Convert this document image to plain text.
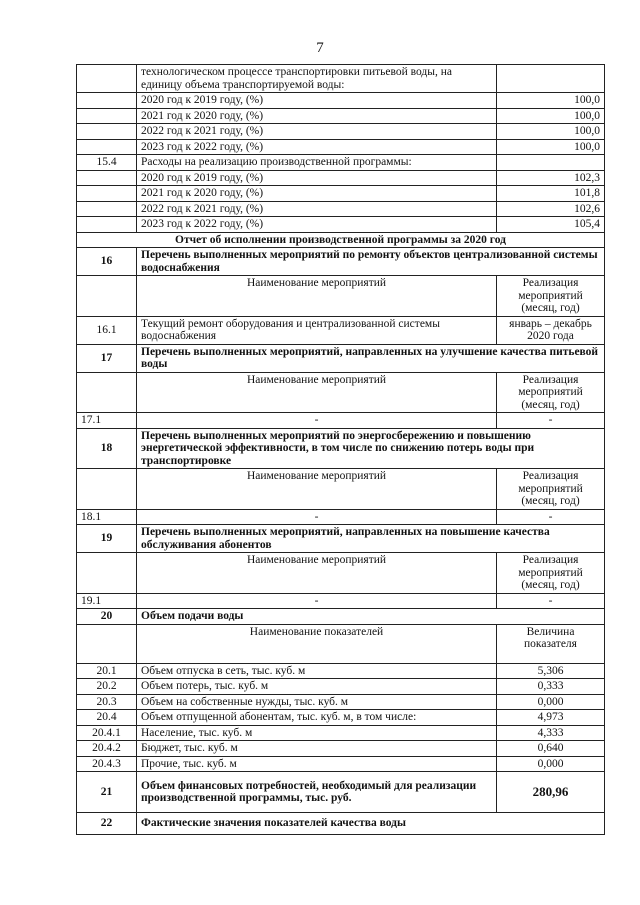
7
	технологическом процессе транспортировки питьевой воды, на единицу объема транспортируемой воды:	
	2020 год к 2019 году, (%)	100,0
	2021 год к 2020 году, (%)	100,0
	2022 год к 2021 году, (%)	100,0
	2023 год к 2022 году, (%)	100,0
15.4	Расходы на реализацию производственной программы:	
	2020 год к 2019 году, (%)	102,3
	2021 год к 2020 году, (%)	101,8
	2022 год к 2021 году, (%)	102,6
	2023 год к 2022 году, (%)	105,4
Отчет об исполнении производственной программы за 2020 год		
16	Перечень выполненных мероприятий по ремонту объектов централизованной системы водоснабжения	
	Наименование мероприятий	Реализация мероприятий (месяц, год)
16.1	Текущий ремонт оборудования и централизованной системы водоснабжения	январь – декабрь 2020 года
17	Перечень выполненных мероприятий, направленных на улучшение качества питьевой воды	
	Наименование мероприятий	Реализация мероприятий (месяц, год)
17.1	-	-
18	Перечень выполненных мероприятий по энергосбережению и повышению энергетической эффективности, в том числе по снижению потерь воды при транспортировке	
	Наименование мероприятий	Реализация мероприятий (месяц, год)
18.1	-	-
19	Перечень выполненных мероприятий, направленных на повышение качества обслуживания абонентов	
	Наименование мероприятий	Реализация мероприятий (месяц, год)
19.1	-	-
20	Объем подачи воды	
	Наименование показателей	Величина показателя
20.1	Объем отпуска в сеть, тыс. куб. м	5,306
20.2	Объем потерь, тыс. куб. м	0,333
20.3	Объем на собственные нужды, тыс. куб. м	0,000
20.4	Объем отпущенной абонентам, тыс. куб. м, в том числе:	4,973
20.4.1	Население, тыс. куб. м	4,333
20.4.2	Бюджет, тыс. куб. м	0,640
20.4.3	Прочие, тыс. куб. м	0,000
21	Объем финансовых потребностей, необходимый для реализации производственной программы, тыс. руб.	280,96
22	Фактические значения показателей качества воды	
